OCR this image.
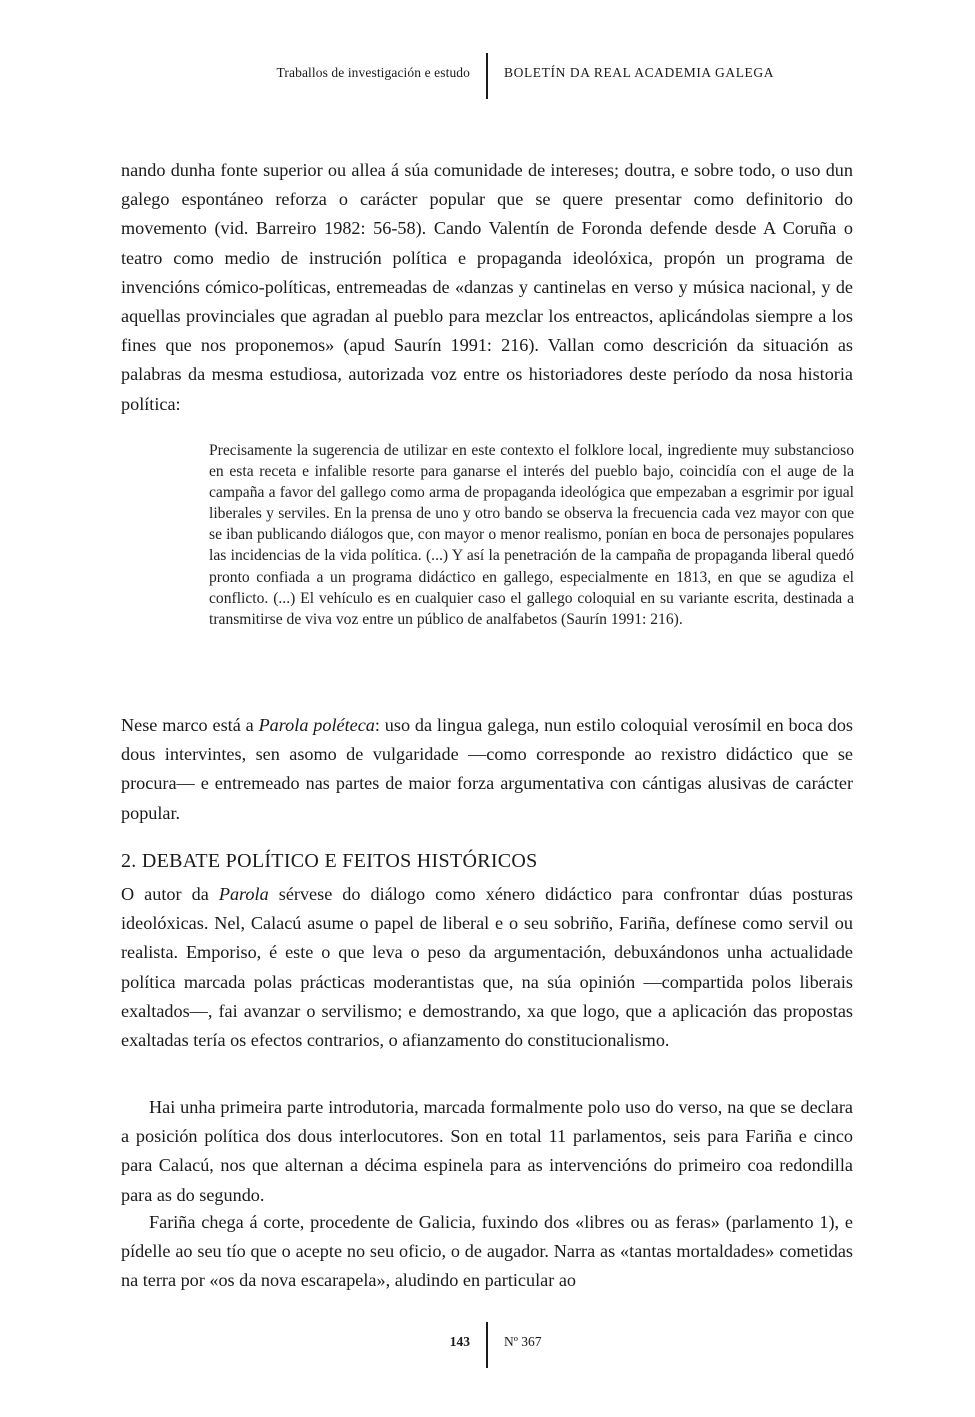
Traballos de investigación e estudo	BOLETÍN DA REAL ACADEMIA GALEGA

nando dunha fonte superior ou allea á súa comunidade de intereses; doutra, e sobre todo, o uso dun galego espontáneo reforza o carácter popular que se quere presentar como definitorio do movemento (vid. Barreiro 1982: 56-58). Cando Valentín de Foronda defende desde A Coruña o teatro como medio de instrución política e propaganda ideolóxica, propón un programa de invencións cómico-políticas, entremeadas de «danzas y cantinelas en verso y música nacional, y de aquellas provinciales que agradan al pueblo para mezclar los entreactos, aplicándolas siempre a los fines que nos proponemos» (apud Saurín 1991: 216). Vallan como descrición da situación as palabras da mesma estudiosa, autorizada voz entre os historiadores deste período da nosa historia política:

Precisamente la sugerencia de utilizar en este contexto el folklore local, ingrediente muy substancioso en esta receta e infalible resorte para ganarse el interés del pueblo bajo, coincidía con el auge de la campaña a favor del gallego como arma de propaganda ideológica que empezaban a esgrimir por igual liberales y serviles. En la prensa de uno y otro bando se observa la frecuencia cada vez mayor con que se iban publicando diálogos que, con mayor o menor realismo, ponían en boca de personajes populares las incidencias de la vida política. (...) Y así la penetración de la campaña de propaganda liberal quedó pronto confiada a un programa didáctico en gallego, especialmente en 1813, en que se agudiza el conflicto. (...) El vehículo es en cualquier caso el gallego coloquial en su variante escrita, destinada a transmitirse de viva voz entre un público de analfabetos (Saurín 1991: 216).

Nese marco está a Parola poléteca: uso da lingua galega, nun estilo coloquial verosímil en boca dos dous intervintes, sen asomo de vulgaridade —como corresponde ao rexistro didáctico que se procura— e entremeado nas partes de maior forza argumentativa con cántigas alusivas de carácter popular.

2. DEBATE POLÍTICO E FEITOS HISTÓRICOS

O autor da Parola sérvese do diálogo como xénero didáctico para confrontar dúas posturas ideolóxicas. Nel, Calacú asume o papel de liberal e o seu sobriño, Fariña, defínese como servil ou realista. Emporiso, é este o que leva o peso da argumentación, debuxándonos unha actualidade política marcada polas prácticas moderantistas que, na súa opinión —compartida polos liberais exaltados—, fai avanzar o servilismo; e demostrando, xa que logo, que a aplicación das propostas exaltadas tería os efectos contrarios, o afianzamento do constitucionalismo.

Hai unha primeira parte introdutoria, marcada formalmente polo uso do verso, na que se declara a posición política dos dous interlocutores. Son en total 11 parlamentos, seis para Fariña e cinco para Calacú, nos que alternan a décima espinela para as intervencións do primeiro coa redondilla para as do segundo.

Fariña chega á corte, procedente de Galicia, fuxindo dos «libres ou as feras» (parlamento 1), e pídelle ao seu tío que o acepte no seu oficio, o de augador. Narra as «tantas mortaldades» cometidas na terra por «os da nova escarapela», aludindo en particular ao

143	Nº 367
